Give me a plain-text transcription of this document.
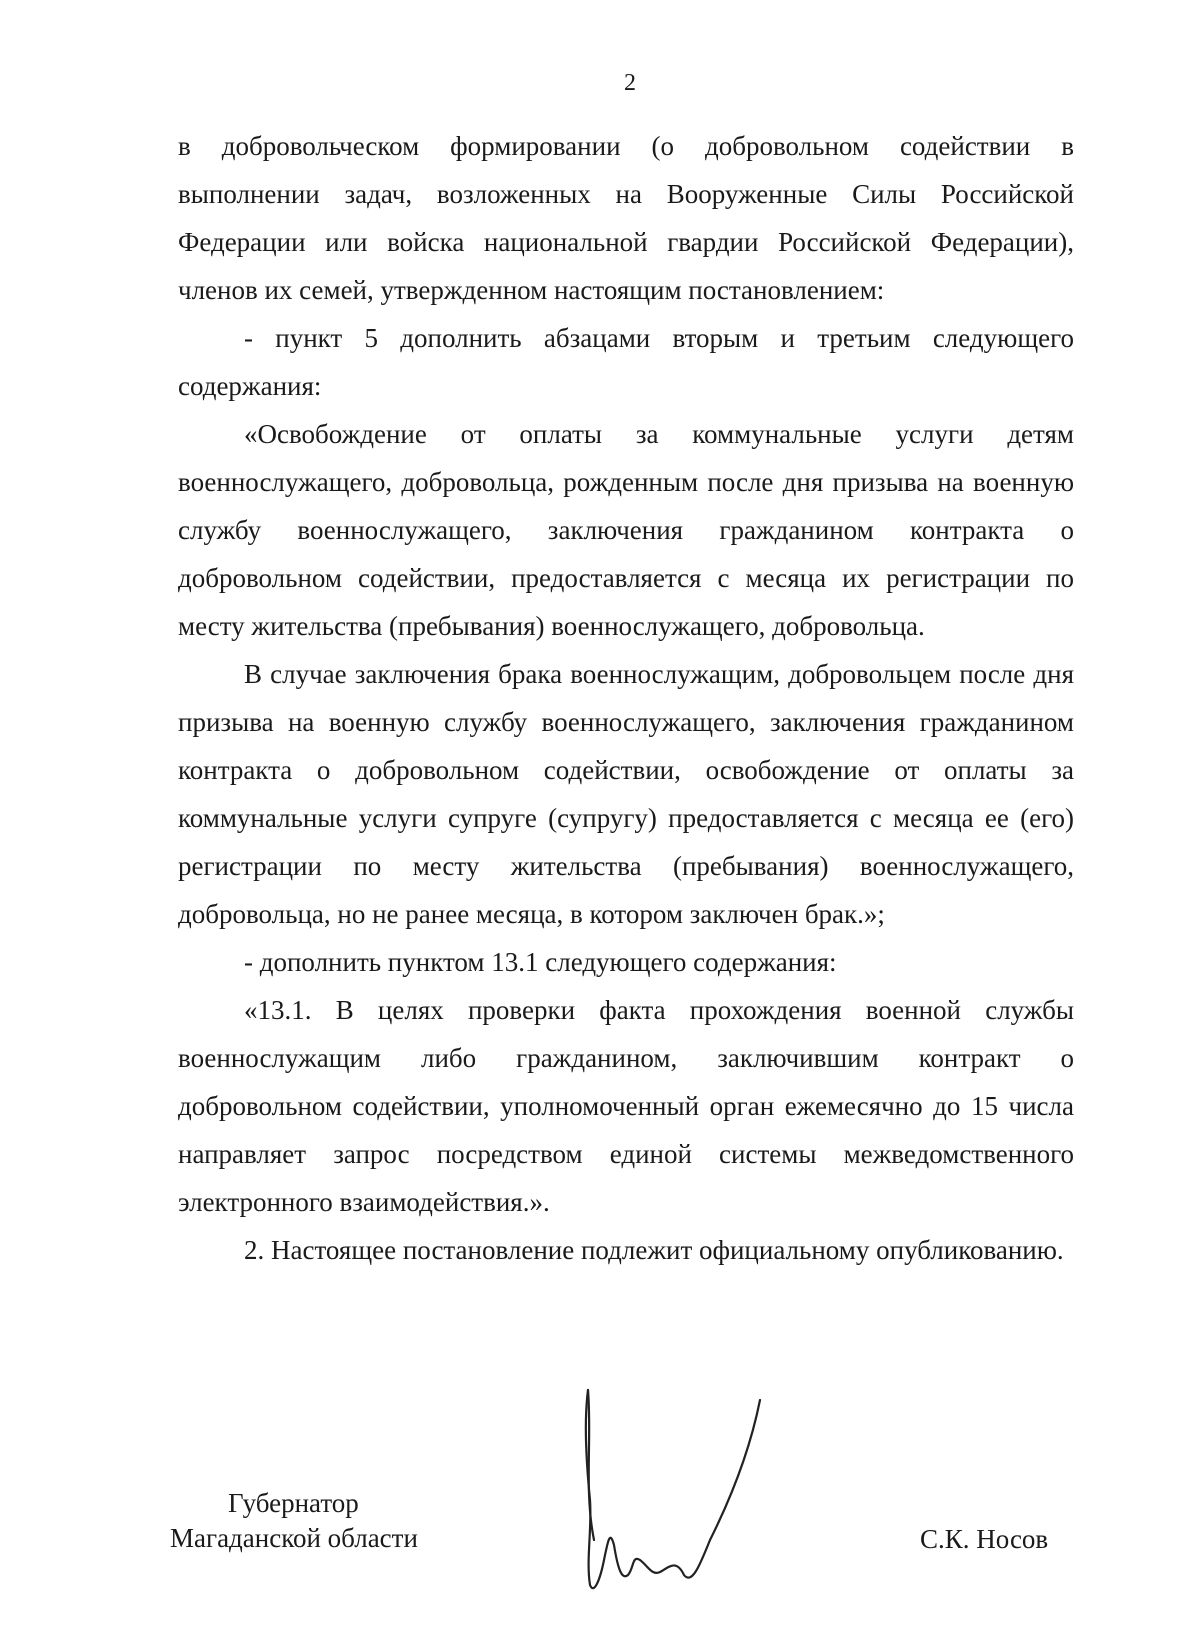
2

в добровольческом формировании (о добровольном содействии в выполнении задач, возложенных на Вооруженные Силы Российской Федерации или войска национальной гвардии Российской Федерации), членов их семей, утвержденном настоящим постановлением:

- пункт 5 дополнить абзацами вторым и третьим следующего содержания:

«Освобождение от оплаты за коммунальные услуги детям военнослужащего, добровольца, рожденным после дня призыва на военную службу военнослужащего, заключения гражданином контракта о добровольном содействии, предоставляется с месяца их регистрации по месту жительства (пребывания) военнослужащего, добровольца.

В случае заключения брака военнослужащим, добровольцем после дня призыва на военную службу военнослужащего, заключения гражданином контракта о добровольном содействии, освобождение от оплаты за коммунальные услуги супруге (супругу) предоставляется с месяца ее (его) регистрации по месту жительства (пребывания) военнослужащего, добровольца, но не ранее месяца, в котором заключен брак.»;

- дополнить пунктом 13.1 следующего содержания:

«13.1. В целях проверки факта прохождения военной службы военнослужащим либо гражданином, заключившим контракт о добровольном содействии, уполномоченный орган ежемесячно до 15 числа направляет запрос посредством единой системы межведомственного электронного взаимодействия.».

2. Настоящее постановление подлежит официальному опубликованию.

Губернатор
Магаданской области	С.К. Носов
